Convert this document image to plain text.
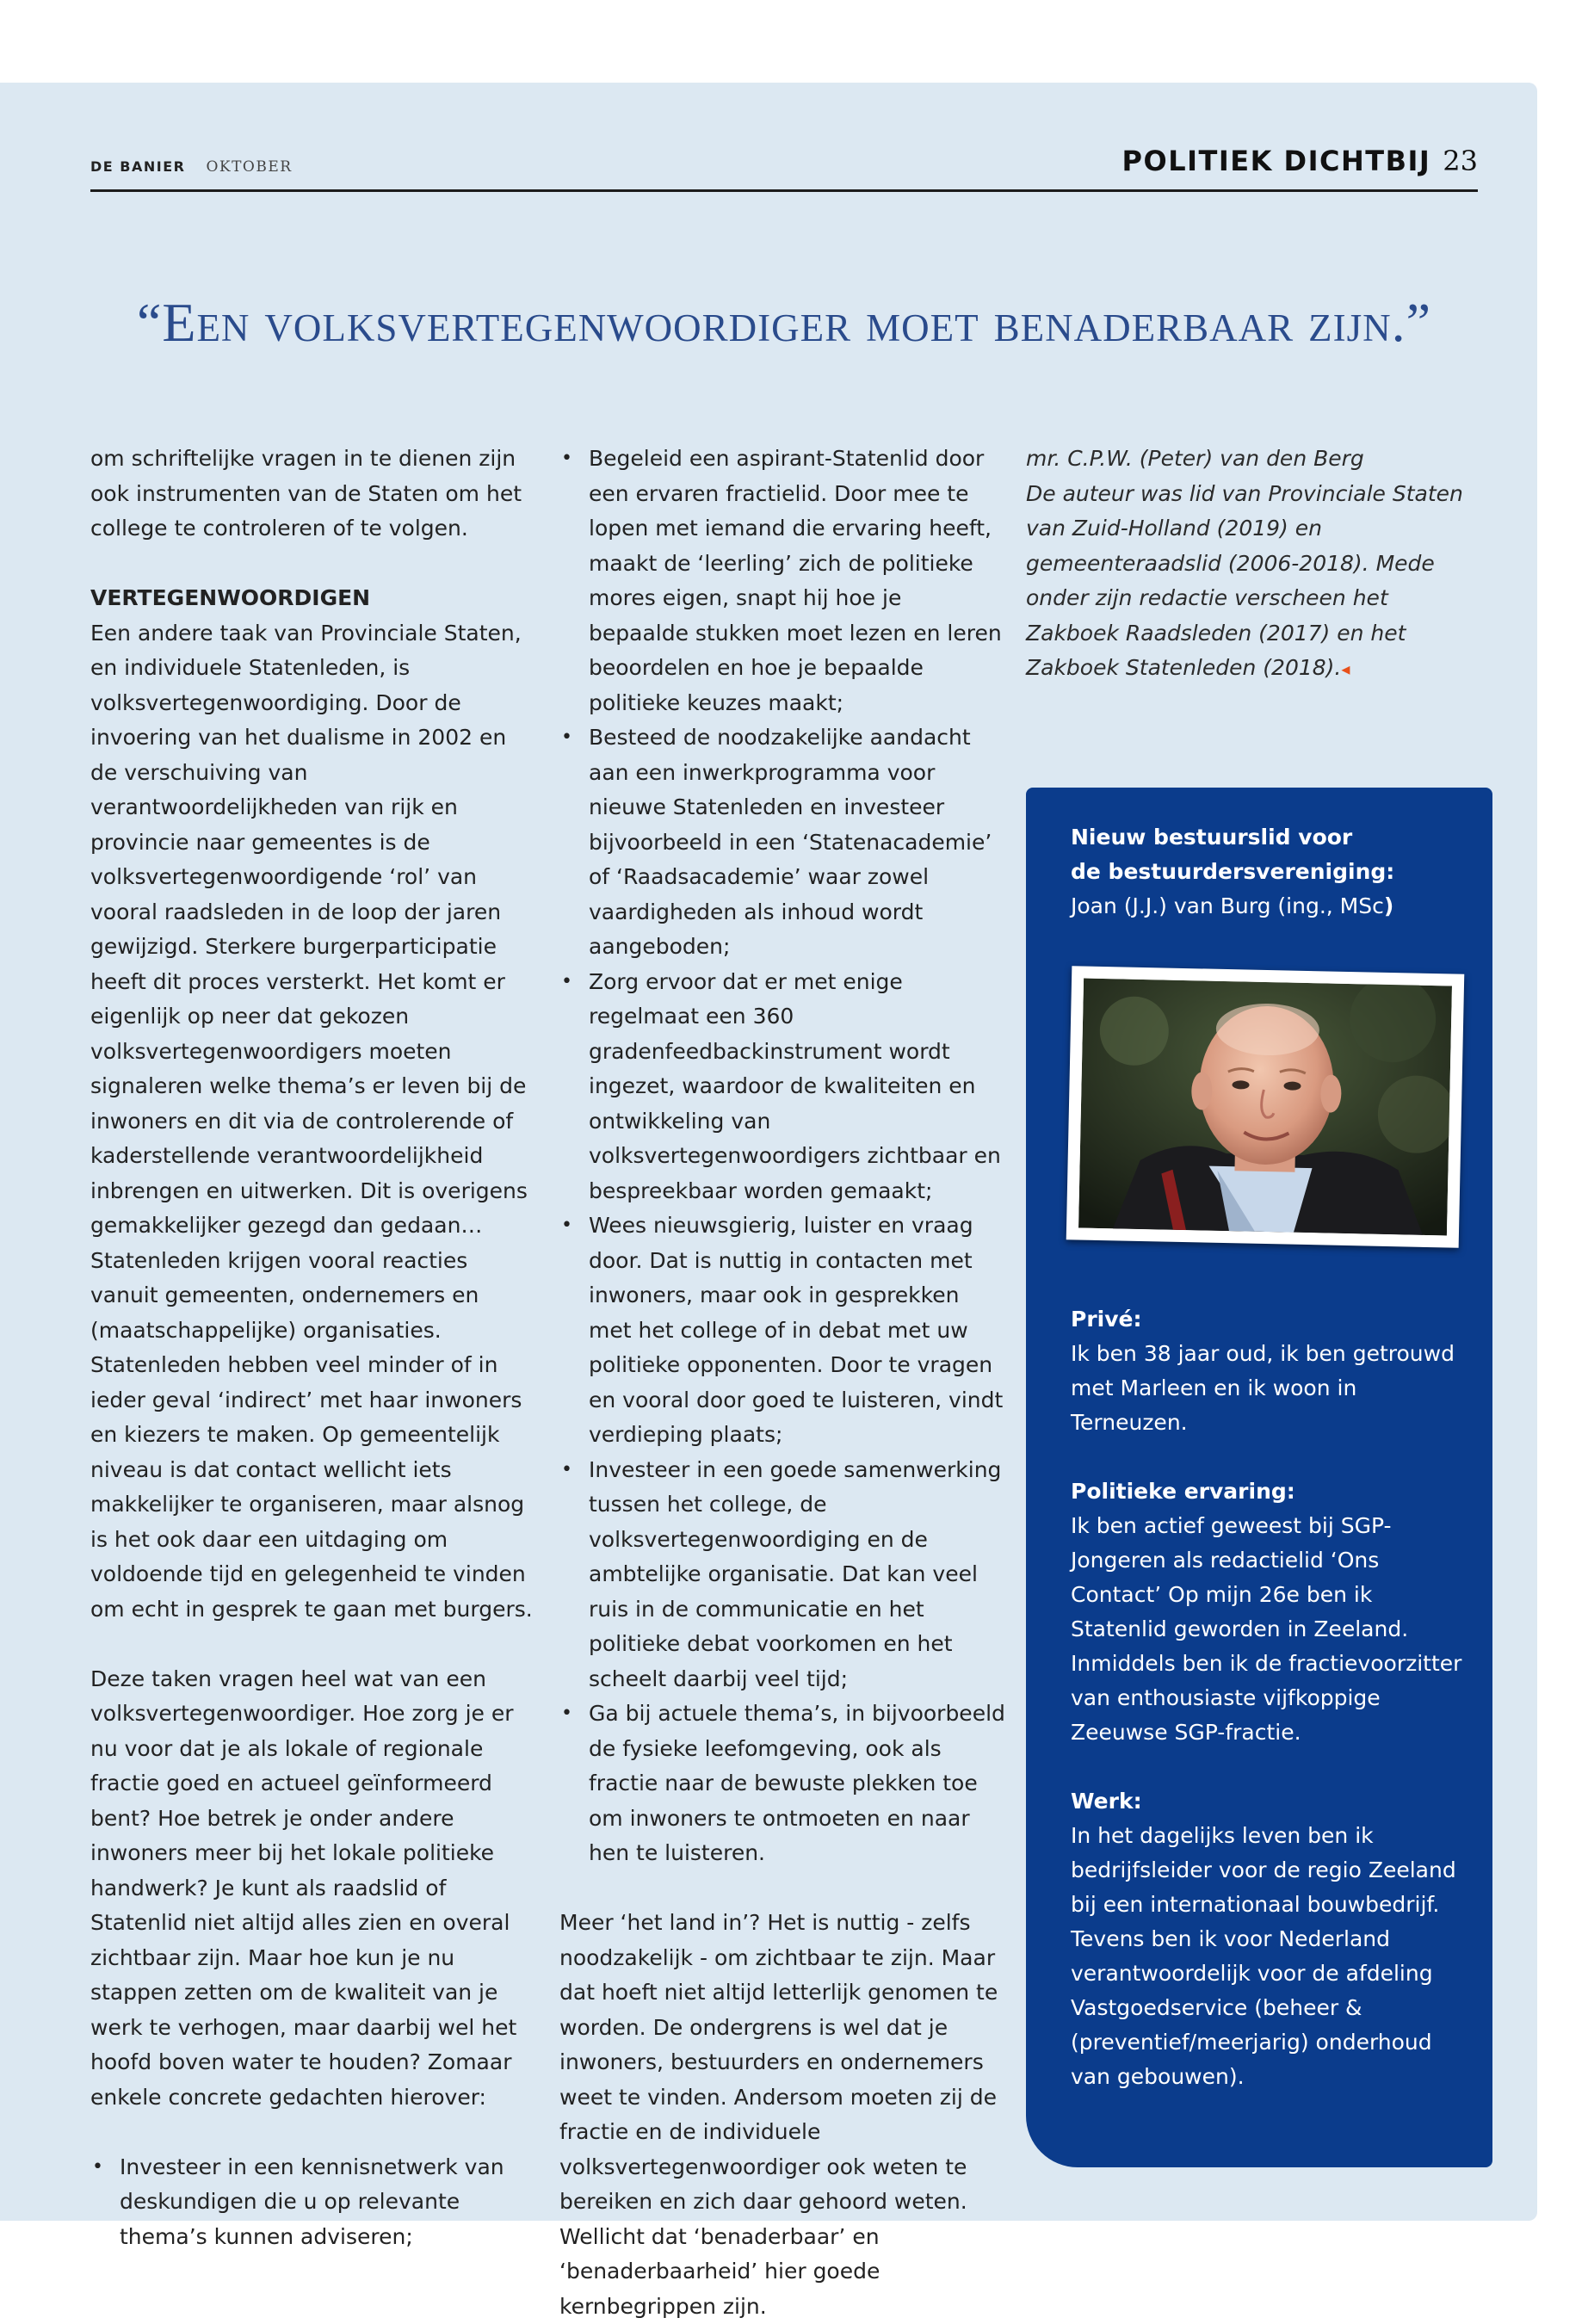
DE BANIER OKTOBER	POLITIEK DICHTBIJ 23
“Een volksvertegenwoordiger moet benaderbaar zijn.”

om schriftelijke vragen in te dienen zijn ook instrumenten van de Staten om het college te controleren of te volgen.

VERTEGENWOORDIGEN

Een andere taak van Provinciale Staten, en individuele Statenleden, is volksvertegenwoordiging. Door de invoering van het dualisme in 2002 en de verschuiving van verantwoordelijkheden van rijk en provincie naar gemeentes is de volksvertegenwoordigende ‘rol’ van vooral raadsleden in de loop der jaren gewijzigd. Sterkere burgerparticipatie heeft dit proces versterkt. Het komt er eigenlijk op neer dat gekozen volksvertegenwoordigers moeten signaleren welke thema’s er leven bij de inwoners en dit via de controlerende of kaderstellende verantwoordelijkheid inbrengen en uitwerken. Dit is overigens gemakkelijker gezegd dan gedaan… Statenleden krijgen vooral reacties vanuit gemeenten, ondernemers en (maatschappelijke) organisaties. Statenleden hebben veel minder of in ieder geval ‘indirect’ met haar inwoners en kiezers te maken. Op gemeentelijk niveau is dat contact wellicht iets makkelijker te organiseren, maar alsnog is het ook daar een uitdaging om voldoende tijd en gelegenheid te vinden om echt in gesprek te gaan met burgers.

Deze taken vragen heel wat van een volksvertegenwoordiger. Hoe zorg je er nu voor dat je als lokale of regionale fractie goed en actueel geïnformeerd bent? Hoe betrek je onder andere inwoners meer bij het lokale politieke handwerk? Je kunt als raadslid of Statenlid niet altijd alles zien en overal zichtbaar zijn. Maar hoe kun je nu stappen zetten om de kwaliteit van je werk te verhogen, maar daarbij wel het hoofd boven water te houden? Zomaar enkele concrete gedachten hierover:

• Investeer in een kennisnetwerk van deskundigen die u op relevante thema’s kunnen adviseren;
• Begeleid een aspirant-Statenlid door een ervaren fractielid. Door mee te lopen met iemand die ervaring heeft, maakt de ‘leerling’ zich de politieke mores eigen, snapt hij hoe je bepaalde stukken moet lezen en leren beoordelen en hoe je bepaalde politieke keuzes maakt;
• Besteed de noodzakelijke aandacht aan een inwerkprogramma voor nieuwe Statenleden en investeer bijvoorbeeld in een ‘Statenacademie’ of ‘Raadsacademie’ waar zowel vaardigheden als inhoud wordt aangeboden;
• Zorg ervoor dat er met enige regelmaat een 360 gradenfeedbackinstrument wordt ingezet, waardoor de kwaliteiten en ontwikkeling van volksvertegenwoordigers zichtbaar en bespreekbaar worden gemaakt;
• Wees nieuwsgierig, luister en vraag door. Dat is nuttig in contacten met inwoners, maar ook in gesprekken met het college of in debat met uw politieke opponenten. Door te vragen en vooral door goed te luisteren, vindt verdieping plaats;
• Investeer in een goede samenwerking tussen het college, de volksvertegenwoordiging en de ambtelijke organisatie. Dat kan veel ruis in de communicatie en het politieke debat voorkomen en het scheelt daarbij veel tijd;
• Ga bij actuele thema’s, in bijvoorbeeld de fysieke leefomgeving, ook als fractie naar de bewuste plekken toe om inwoners te ontmoeten en naar hen te luisteren.

Meer ‘het land in’? Het is nuttig - zelfs noodzakelijk - om zichtbaar te zijn. Maar dat hoeft niet altijd letterlijk genomen te worden. De ondergrens is wel dat je inwoners, bestuurders en ondernemers weet te vinden. Andersom moeten zij de fractie en de individuele volksvertegenwoordiger ook weten te bereiken en zich daar gehoord weten. Wellicht dat ‘benaderbaar’ en ‘benaderbaarheid’ hier goede kernbegrippen zijn.

mr. C.P.W. (Peter) van den Berg

De auteur was lid van Provinciale Staten van Zuid-Holland (2019) en gemeenteraadslid (2006-2018). Mede onder zijn redactie verscheen het Zakboek Raadsleden (2017) en het Zakboek Statenleden (2018).◂

Nieuw bestuurslid voor

de bestuurdersvereniging:

Joan (J.J.) van Burg (ing., MSc)

Privé:

Ik ben 38 jaar oud, ik ben getrouwd met Marleen en ik woon in Terneuzen.

Politieke ervaring:

Ik ben actief geweest bij SGP-Jongeren als redactielid ‘Ons Contact’ Op mijn 26e ben ik Statenlid geworden in Zeeland. Inmiddels ben ik de fractievoorzitter van enthousiaste vijfkoppige Zeeuwse SGP-fractie.

Werk:

In het dagelijks leven ben ik bedrijfsleider voor de regio Zeeland bij een internationaal bouwbedrijf. Tevens ben ik voor Nederland verantwoordelijk voor de afdeling Vastgoedservice (beheer & (preventief/meerjarig) onderhoud van gebouwen).
